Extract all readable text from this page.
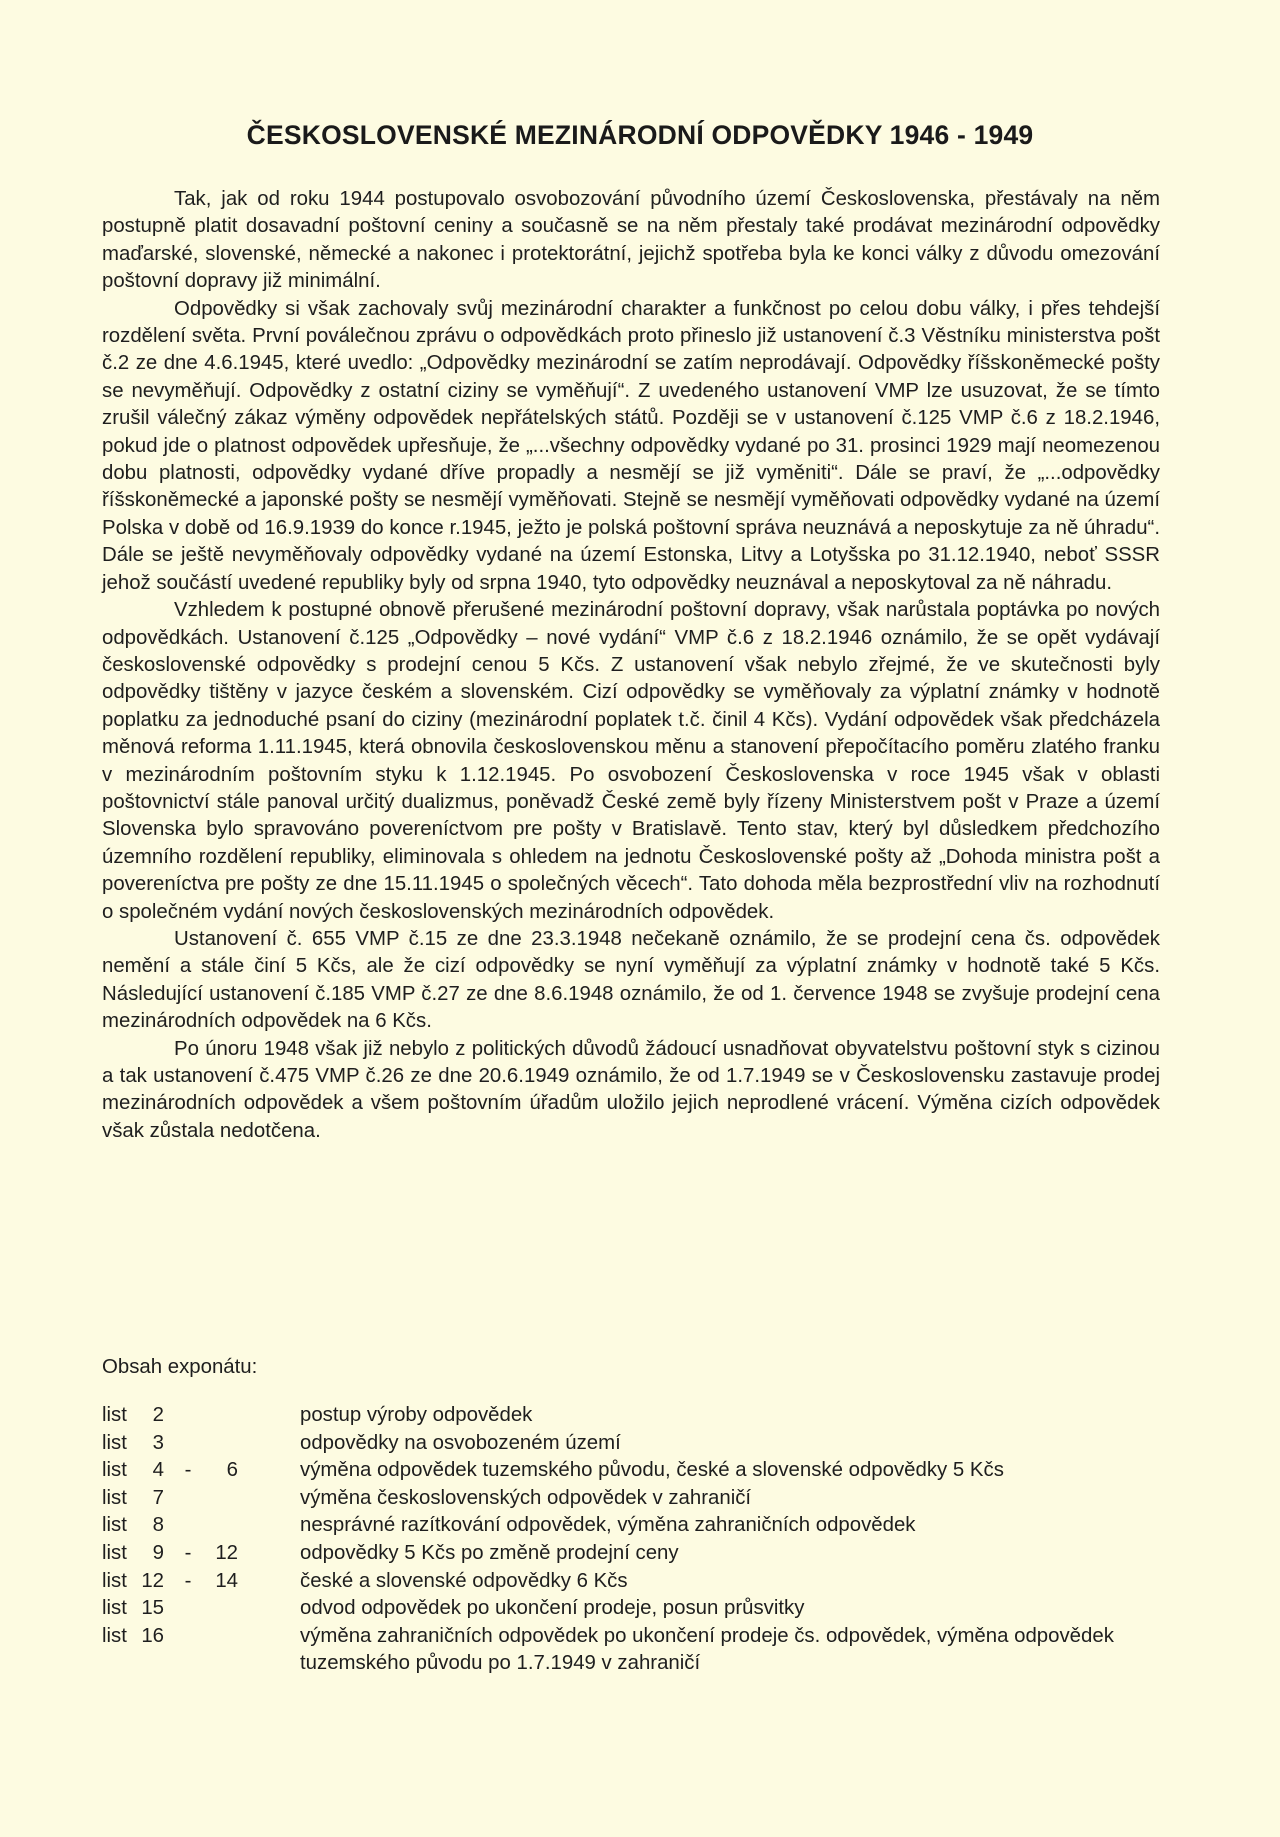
ČESKOSLOVENSKÉ MEZINÁRODNÍ ODPOVĚDKY 1946 - 1949

Tak, jak od roku 1944 postupovalo osvobozování původního území Československa, přestávaly na něm postupně platit dosavadní poštovní ceniny a současně se na něm přestaly také prodávat mezinárodní odpovědky maďarské, slovenské, německé a nakonec i protektorátní, jejichž spotřeba byla ke konci války z důvodu omezování poštovní dopravy již minimální.

Odpovědky si však zachovaly svůj mezinárodní charakter a funkčnost po celou dobu války, i přes tehdejší rozdělení světa. První poválečnou zprávu o odpovědkách proto přineslo již ustanovení č.3 Věstníku ministerstva pošt č.2 ze dne 4.6.1945, které uvedlo: „Odpovědky mezinárodní se zatím neprodávají. Odpovědky říšskoněmecké pošty se nevyměňují. Odpovědky z ostatní ciziny se vyměňují“. Z uvedeného ustanovení VMP lze usuzovat, že se tímto zrušil válečný zákaz výměny odpovědek nepřátelských států. Později se v ustanovení č.125 VMP č.6 z 18.2.1946, pokud jde o platnost odpovědek upřesňuje, že „...všechny odpovědky vydané po 31. prosinci 1929 mají neomezenou dobu platnosti, odpovědky vydané dříve propadly a nesmějí se již vyměniti“. Dále se praví, že „...odpovědky říšskoněmecké a japonské pošty se nesmějí vyměňovati. Stejně se nesmějí vyměňovati odpovědky vydané na území Polska v době od 16.9.1939 do konce r.1945, ježto je polská poštovní správa neuznává a neposkytuje za ně úhradu“. Dále se ještě nevyměňovaly odpovědky vydané na území Estonska, Litvy a Lotyšska po 31.12.1940, neboť SSSR jehož součástí uvedené republiky byly od srpna 1940, tyto odpovědky neuznával a neposkytoval za ně náhradu.

Vzhledem k postupné obnově přerušené mezinárodní poštovní dopravy, však narůstala poptávka po nových odpovědkách. Ustanovení č.125 „Odpovědky – nové vydání“ VMP č.6 z 18.2.1946 oznámilo, že se opět vydávají československé odpovědky s prodejní cenou 5 Kčs. Z ustanovení však nebylo zřejmé, že ve skutečnosti byly odpovědky tištěny v jazyce českém a slovenském. Cizí odpovědky se vyměňovaly za výplatní známky v hodnotě poplatku za jednoduché psaní do ciziny (mezinárodní poplatek t.č. činil 4 Kčs). Vydání odpovědek však předcházela měnová reforma 1.11.1945, která obnovila československou měnu a stanovení přepočítacího poměru zlatého franku v mezinárodním poštovním styku k 1.12.1945. Po osvobození Československa v roce 1945 však v oblasti poštovnictví stále panoval určitý dualizmus, poněvadž České země byly řízeny Ministerstvem pošt v Praze a území Slovenska bylo spravováno povereníctvom pre pošty v Bratislavě. Tento stav, který byl důsledkem předchozího územního rozdělení republiky, eliminovala s ohledem na jednotu Československé pošty až „Dohoda ministra pošt a povereníctva pre pošty ze dne 15.11.1945 o společných věcech“. Tato dohoda měla bezprostřední vliv na rozhodnutí o společném vydání nových československých mezinárodních odpovědek.

Ustanovení č. 655 VMP č.15 ze dne 23.3.1948 nečekaně oznámilo, že se prodejní cena čs. odpovědek nemění a stále činí 5 Kčs, ale že cizí odpovědky se nyní vyměňují za výplatní známky v hodnotě také 5 Kčs. Následující ustanovení č.185 VMP č.27 ze dne 8.6.1948 oznámilo, že od 1. července 1948 se zvyšuje prodejní cena mezinárodních odpovědek na 6 Kčs.

Po únoru 1948 však již nebylo z politických důvodů žádoucí usnadňovat obyvatelstvu poštovní styk s cizinou a tak ustanovení č.475 VMP č.26 ze dne 20.6.1949 oznámilo, že od 1.7.1949 se v Československu zastavuje prodej mezinárodních odpovědek a všem poštovním úřadům uložilo jejich neprodlené vrácení. Výměna cizích odpovědek však zůstala nedotčena.

Obsah exponátu:

list	2	postup výroby odpovědek
list	3	odpovědky na osvobozeném území
list	4	-	6	výměna odpovědek tuzemského původu, české a slovenské odpovědky 5 Kčs
list	7	výměna československých odpovědek v zahraničí
list	8	nesprávné razítkování odpovědek, výměna zahraničních odpovědek
list	9	-	12	odpovědky 5 Kčs po změně prodejní ceny
list 12	-	14	české a slovenské odpovědky 6 Kčs
list 15	odvod odpovědek po ukončení prodeje, posun průsvitky
list 16	výměna zahraničních odpovědek po ukončení prodeje čs. odpovědek, výměna odpovědek tuzemského původu po 1.7.1949 v zahraničí
